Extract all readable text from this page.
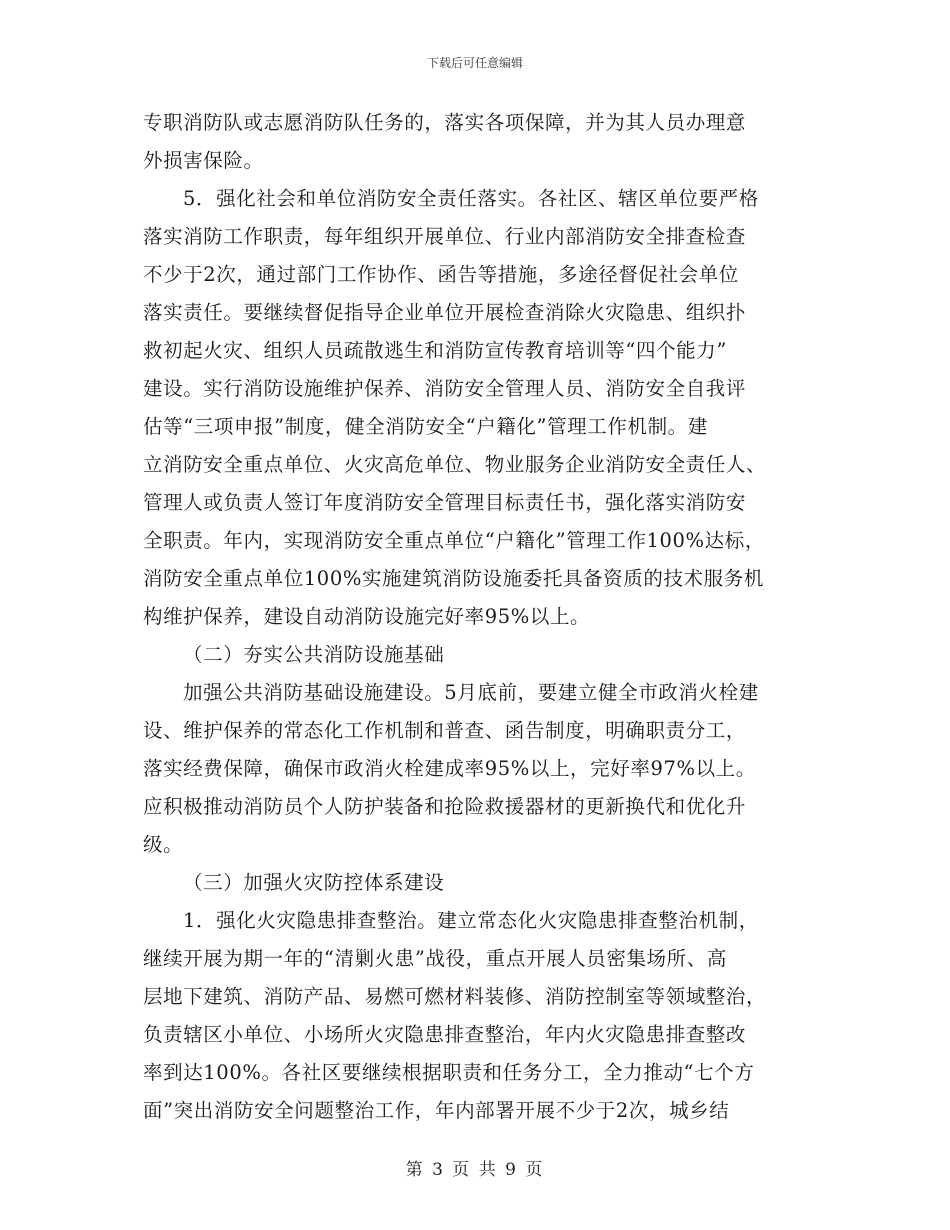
下载后可任意编辑
专职消防队或志愿消防队任务的，落实各项保障，并为其人员办理意
外损害保险。
5．强化社会和单位消防安全责任落实。各社区、辖区单位要严格
落实消防工作职责，每年组织开展单位、行业内部消防安全排查检查
不少于2次，通过部门工作协作、函告等措施，多途径督促社会单位
落实责任。要继续督促指导企业单位开展检查消除火灾隐患、组织扑
救初起火灾、组织人员疏散逃生和消防宣传教育培训等“四个能力”
建设。实行消防设施维护保养、消防安全管理人员、消防安全自我评
估等“三项申报”制度，健全消防安全“户籍化”管理工作机制。建
立消防安全重点单位、火灾高危单位、物业服务企业消防安全责任人、
管理人或负责人签订年度消防安全管理目标责任书，强化落实消防安
全职责。年内，实现消防安全重点单位“户籍化”管理工作100%达标，
消防安全重点单位100%实施建筑消防设施委托具备资质的技术服务机
构维护保养，建设自动消防设施完好率95%以上。
（二）夯实公共消防设施基础
加强公共消防基础设施建设。5月底前，要建立健全市政消火栓建
设、维护保养的常态化工作机制和普查、函告制度，明确职责分工，
落实经费保障，确保市政消火栓建成率95%以上，完好率97%以上。
应积极推动消防员个人防护装备和抢险救援器材的更新换代和优化升
级。
（三）加强火灾防控体系建设
1．强化火灾隐患排查整治。建立常态化火灾隐患排查整治机制，
继续开展为期一年的“清剿火患”战役，重点开展人员密集场所、高
层地下建筑、消防产品、易燃可燃材料装修、消防控制室等领域整治，
负责辖区小单位、小场所火灾隐患排查整治，年内火灾隐患排查整改
率到达100%。各社区要继续根据职责和任务分工，全力推动“七个方
面”突出消防安全问题整治工作，年内部署开展不少于2次，城乡结
第 3 页 共 9 页
